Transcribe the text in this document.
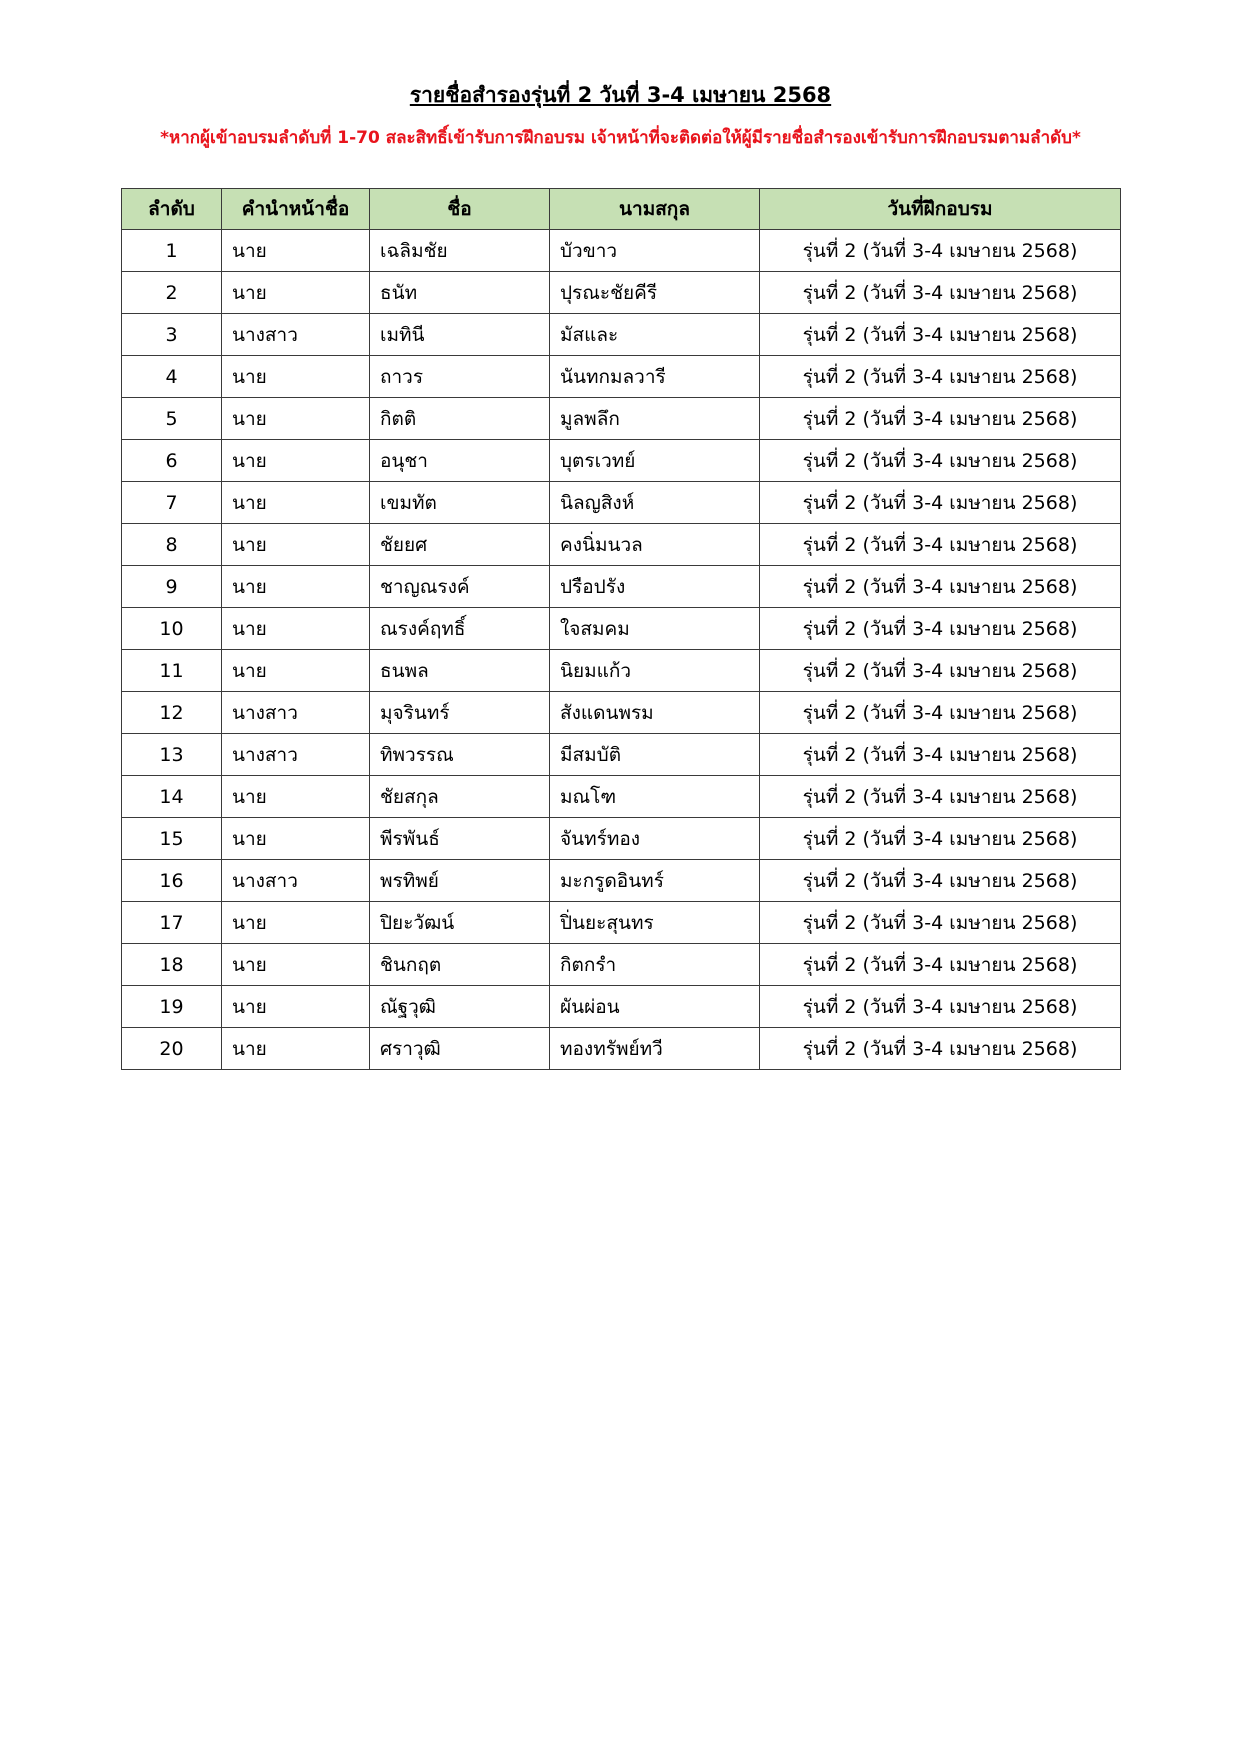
รายชื่อสำรองรุ่นที่ 2 วันที่ 3-4 เมษายน 2568
*หากผู้เข้าอบรมลำดับที่ 1-70 สละสิทธิ์เข้ารับการฝึกอบรม เจ้าหน้าที่จะติดต่อให้ผู้มีรายชื่อสำรองเข้ารับการฝึกอบรมตามลำดับ*
ลำดับ	คำนำหน้าชื่อ	ชื่อ	นามสกุล	วันที่ฝึกอบรม
1	นาย	เฉลิมชัย	บัวขาว	รุ่นที่ 2 (วันที่ 3-4 เมษายน 2568)
2	นาย	ธนัท	ปุรณะชัยคีรี	รุ่นที่ 2 (วันที่ 3-4 เมษายน 2568)
3	นางสาว	เมทินี	มัสและ	รุ่นที่ 2 (วันที่ 3-4 เมษายน 2568)
4	นาย	ถาวร	นันทกมลวารี	รุ่นที่ 2 (วันที่ 3-4 เมษายน 2568)
5	นาย	กิตติ	มูลพลึก	รุ่นที่ 2 (วันที่ 3-4 เมษายน 2568)
6	นาย	อนุชา	บุตรเวทย์	รุ่นที่ 2 (วันที่ 3-4 เมษายน 2568)
7	นาย	เขมทัต	นิลญสิงห์	รุ่นที่ 2 (วันที่ 3-4 เมษายน 2568)
8	นาย	ชัยยศ	คงนิ่มนวล	รุ่นที่ 2 (วันที่ 3-4 เมษายน 2568)
9	นาย	ชาญณรงค์	ปรือปรัง	รุ่นที่ 2 (วันที่ 3-4 เมษายน 2568)
10	นาย	ณรงค์ฤทธิ์	ใจสมคม	รุ่นที่ 2 (วันที่ 3-4 เมษายน 2568)
11	นาย	ธนพล	นิยมแก้ว	รุ่นที่ 2 (วันที่ 3-4 เมษายน 2568)
12	นางสาว	มุจรินทร์	สังแดนพรม	รุ่นที่ 2 (วันที่ 3-4 เมษายน 2568)
13	นางสาว	ทิพวรรณ	มีสมบัติ	รุ่นที่ 2 (วันที่ 3-4 เมษายน 2568)
14	นาย	ชัยสกุล	มณโฑ	รุ่นที่ 2 (วันที่ 3-4 เมษายน 2568)
15	นาย	พีรพันธ์	จันทร์ทอง	รุ่นที่ 2 (วันที่ 3-4 เมษายน 2568)
16	นางสาว	พรทิพย์	มะกรูดอินทร์	รุ่นที่ 2 (วันที่ 3-4 เมษายน 2568)
17	นาย	ปิยะวัฒน์	ปิ่นยะสุนทร	รุ่นที่ 2 (วันที่ 3-4 เมษายน 2568)
18	นาย	ชินกฤต	กิตกรำ	รุ่นที่ 2 (วันที่ 3-4 เมษายน 2568)
19	นาย	ณัฐวุฒิ	ผันผ่อน	รุ่นที่ 2 (วันที่ 3-4 เมษายน 2568)
20	นาย	ศราวุฒิ	ทองทรัพย์ทวี	รุ่นที่ 2 (วันที่ 3-4 เมษายน 2568)
